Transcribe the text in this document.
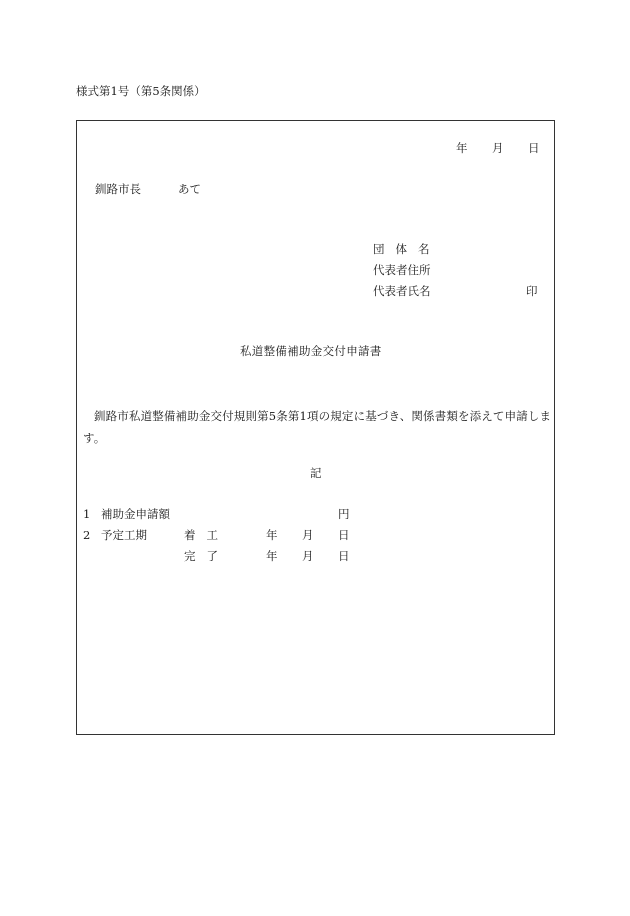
様式第1号（第5条関係）
年 月 日
釧路市長	あて
団 体 名
代表者住所
代表者氏名	印
私道整備補助金交付申請書
釧路市私道整備補助金交付規則第5条第1項の規定に基づき、関係書類を添えて申請します。
記
1 補助金申請額	円
2 予定工期	着 工	年 月 日
完 了	年 月 日
